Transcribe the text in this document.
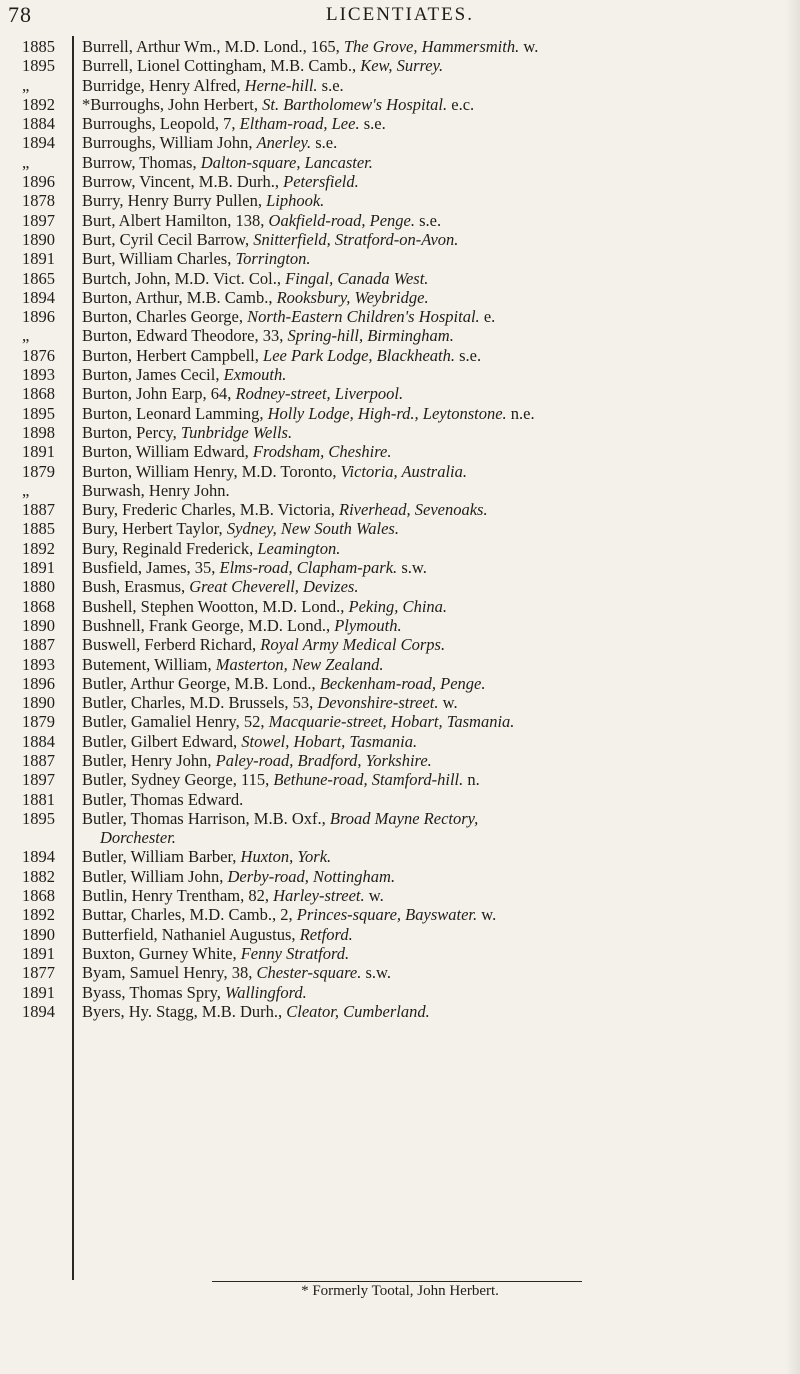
78	LICENTIATES.
1885	Burrell, Arthur Wm., M.D. Lond., 165, The Grove, Hammersmith. w.
1895	Burrell, Lionel Cottingham, M.B. Camb., Kew, Surrey.
„	Burridge, Henry Alfred, Herne-hill. s.e.
1892	*Burroughs, John Herbert, St. Bartholomew's Hospital. e.c.
1884	Burroughs, Leopold, 7, Eltham-road, Lee. s.e.
1894	Burroughs, William John, Anerley. s.e.
„	Burrow, Thomas, Dalton-square, Lancaster.
1896	Burrow, Vincent, M.B. Durh., Petersfield.
1878	Burry, Henry Burry Pullen, Liphook.
1897	Burt, Albert Hamilton, 138, Oakfield-road, Penge. s.e.
1890	Burt, Cyril Cecil Barrow, Snitterfield, Stratford-on-Avon.
1891	Burt, William Charles, Torrington.
1865	Burtch, John, M.D. Vict. Col., Fingal, Canada West.
1894	Burton, Arthur, M.B. Camb., Rooksbury, Weybridge.
1896	Burton, Charles George, North-Eastern Children's Hospital. e.
„	Burton, Edward Theodore, 33, Spring-hill, Birmingham.
1876	Burton, Herbert Campbell, Lee Park Lodge, Blackheath. s.e.
1893	Burton, James Cecil, Exmouth.
1868	Burton, John Earp, 64, Rodney-street, Liverpool.
1895	Burton, Leonard Lamming, Holly Lodge, High-rd., Leytonstone. n.e.
1898	Burton, Percy, Tunbridge Wells.
1891	Burton, William Edward, Frodsham, Cheshire.
1879	Burton, William Henry, M.D. Toronto, Victoria, Australia.
„	Burwash, Henry John.
1887	Bury, Frederic Charles, M.B. Victoria, Riverhead, Sevenoaks.
1885	Bury, Herbert Taylor, Sydney, New South Wales.
1892	Bury, Reginald Frederick, Leamington.
1891	Busfield, James, 35, Elms-road, Clapham-park. s.w.
1880	Bush, Erasmus, Great Cheverell, Devizes.
1868	Bushell, Stephen Wootton, M.D. Lond., Peking, China.
1890	Bushnell, Frank George, M.D. Lond., Plymouth.
1887	Buswell, Ferberd Richard, Royal Army Medical Corps.
1893	Butement, William, Masterton, New Zealand.
1896	Butler, Arthur George, M.B. Lond., Beckenham-road, Penge.
1890	Butler, Charles, M.D. Brussels, 53, Devonshire-street. w.
1879	Butler, Gamaliel Henry, 52, Macquarie-street, Hobart, Tasmania.
1884	Butler, Gilbert Edward, Stowel, Hobart, Tasmania.
1887	Butler, Henry John, Paley-road, Bradford, Yorkshire.
1897	Butler, Sydney George, 115, Bethune-road, Stamford-hill. n.
1881	Butler, Thomas Edward.
1895	Butler, Thomas Harrison, M.B. Oxf., Broad Mayne Rectory,
Dorchester.
1894	Butler, William Barber, Huxton, York.
1882	Butler, William John, Derby-road, Nottingham.
1868	Butlin, Henry Trentham, 82, Harley-street. w.
1892	Buttar, Charles, M.D. Camb., 2, Princes-square, Bayswater. w.
1890	Butterfield, Nathaniel Augustus, Retford.
1891	Buxton, Gurney White, Fenny Stratford.
1877	Byam, Samuel Henry, 38, Chester-square. s.w.
1891	Byass, Thomas Spry, Wallingford.
1894	Byers, Hy. Stagg, M.B. Durh., Cleator, Cumberland.
* Formerly Tootal, John Herbert.
